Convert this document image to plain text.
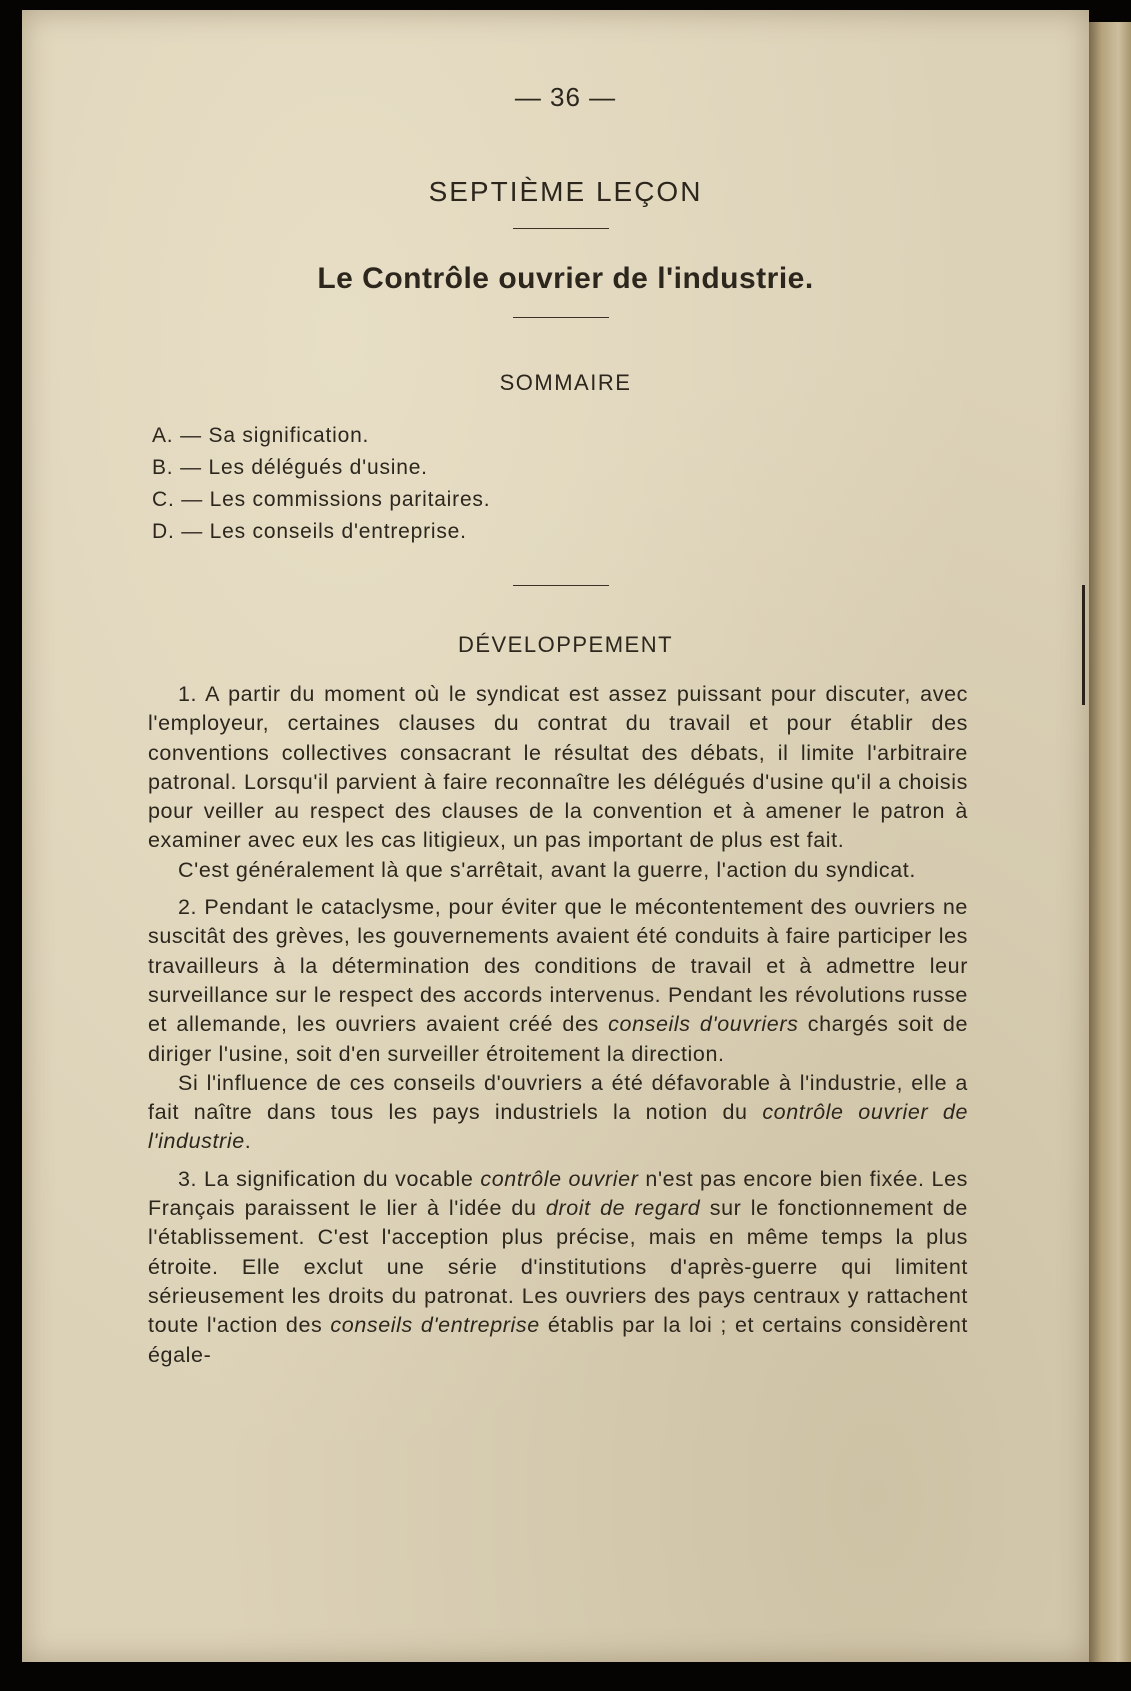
— 36 —
SEPTIÈME LEÇON
Le Contrôle ouvrier de l'industrie.
SOMMAIRE
A. — Sa signification.
B. — Les délégués d'usine.
C. — Les commissions paritaires.
D. — Les conseils d'entreprise.
DÉVELOPPEMENT

1. A partir du moment où le syndicat est assez puissant pour discuter, avec l'employeur, certaines clauses du contrat du travail et pour établir des conventions collectives consacrant le résultat des débats, il limite l'arbitraire patronal. Lorsqu'il parvient à faire reconnaître les délégués d'usine qu'il a choisis pour veiller au respect des clauses de la convention et à amener le patron à examiner avec eux les cas litigieux, un pas important de plus est fait.

C'est généralement là que s'arrêtait, avant la guerre, l'action du syndicat.

2. Pendant le cataclysme, pour éviter que le mécontentement des ouvriers ne suscitât des grèves, les gouvernements avaient été conduits à faire participer les travailleurs à la détermination des conditions de travail et à admettre leur surveillance sur le respect des accords intervenus. Pendant les révolutions russe et allemande, les ouvriers avaient créé des conseils d'ouvriers chargés soit de diriger l'usine, soit d'en surveiller étroitement la direction.

Si l'influence de ces conseils d'ouvriers a été défavorable à l'industrie, elle a fait naître dans tous les pays industriels la notion du contrôle ouvrier de l'industrie.

3. La signification du vocable contrôle ouvrier n'est pas encore bien fixée. Les Français paraissent le lier à l'idée du droit de regard sur le fonctionnement de l'établissement. C'est l'acception plus précise, mais en même temps la plus étroite. Elle exclut une série d'institutions d'après-guerre qui limitent sérieusement les droits du patronat. Les ouvriers des pays centraux y rattachent toute l'action des conseils d'entreprise établis par la loi ; et certains considèrent égale-
